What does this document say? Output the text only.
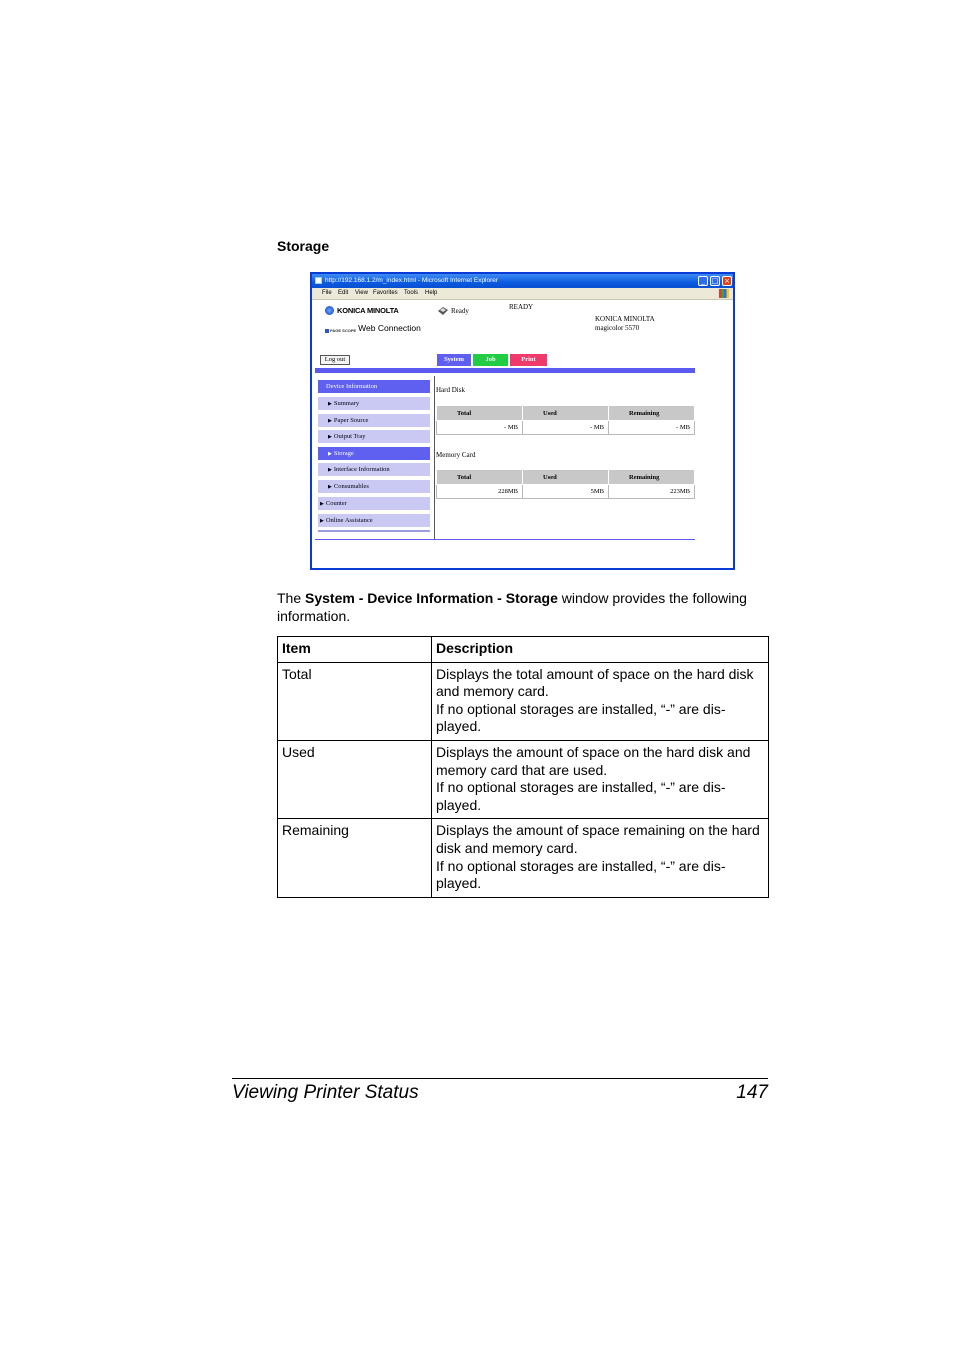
Storage
http://192.168.1.2/m_index.html - Microsoft Internet Explorer	_ □ ×
File Edit View Favorites Tools Help
KONICA MINOLTA
PAGE SCOPE Web Connection
Ready	READY
KONICA MINOLTA
magicolor 5570
Log out	System	Job	Print
Device Information
▶ Summary
▶ Paper Source
▶ Output Tray
▶ Storage
▶ Interface Information
▶ Consumables
▶ Counter
▶ Online Assistance
Hard Disk
Total	Used	Remaining
- MB	- MB	- MB
Memory Card
Total	Used	Remaining
228MB	5MB	223MB
The System - Device Information - Storage window provides the following information.
Item	Description
Total	Displays the total amount of space on the hard disk and memory card.
If no optional storages are installed, “-” are dis-played.

Used	Displays the amount of space on the hard disk and memory card that are used.
If no optional storages are installed, “-” are dis-played.

Remaining	Displays the amount of space remaining on the hard disk and memory card.
If no optional storages are installed, “-” are dis-played.
Viewing Printer Status	147
